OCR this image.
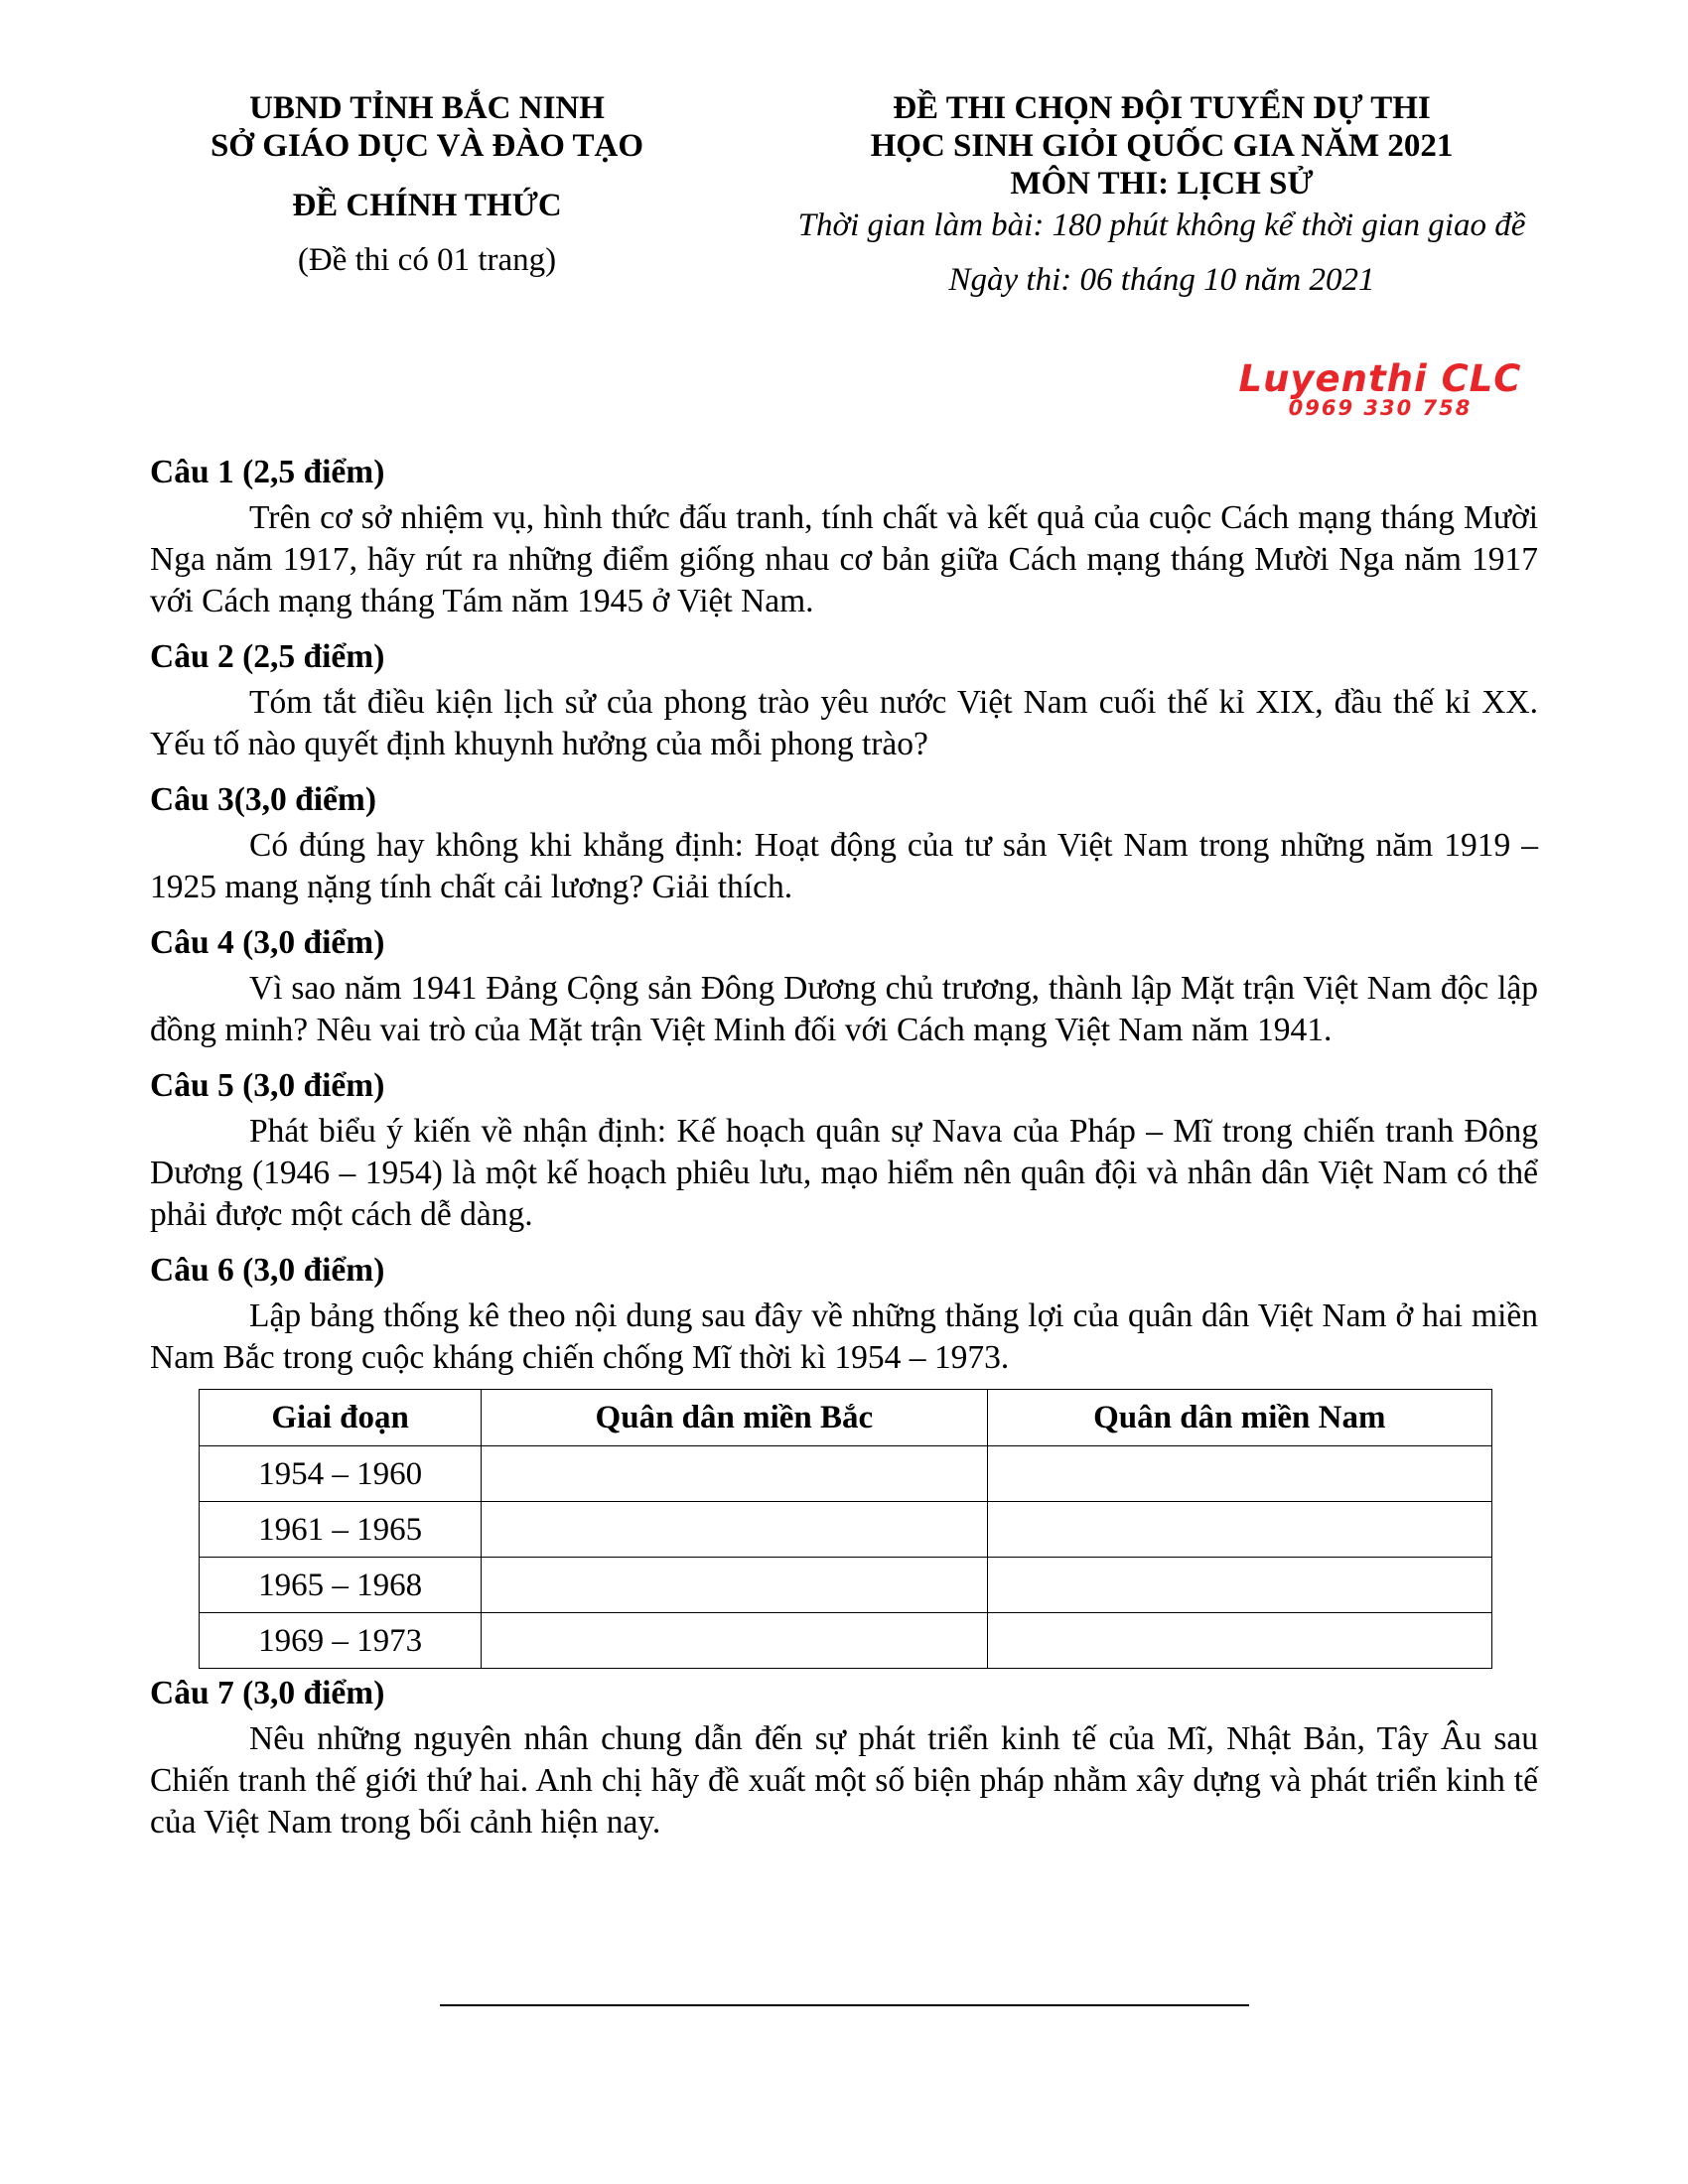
UBND TỈNH BẮC NINH
SỞ GIÁO DỤC VÀ ĐÀO TẠO
ĐỀ CHÍNH THỨC
(Đề thi có 01 trang)
ĐỀ THI CHỌN ĐỘI TUYỂN DỰ THI
HỌC SINH GIỎI QUỐC GIA NĂM 2021
MÔN THI: LỊCH SỬ
Thời gian làm bài: 180 phút không kể thời gian giao đề
Ngày thi: 06 tháng 10 năm 2021
Luyenthi CLC
0969 330 758
Câu 1 (2,5 điểm)
Trên cơ sở nhiệm vụ, hình thức đấu tranh, tính chất và kết quả của cuộc Cách mạng tháng Mười Nga năm 1917, hãy rút ra những điểm giống nhau cơ bản giữa Cách mạng tháng Mười Nga năm 1917 với Cách mạng tháng Tám năm 1945 ở Việt Nam.
Câu 2 (2,5 điểm)
Tóm tắt điều kiện lịch sử của phong trào yêu nước Việt Nam cuối thế kỉ XIX, đầu thế kỉ XX. Yếu tố nào quyết định khuynh hưởng của mỗi phong trào?
Câu 3(3,0 điểm)
Có đúng hay không khi khẳng định: Hoạt động của tư sản Việt Nam trong những năm 1919 – 1925 mang nặng tính chất cải lương? Giải thích.
Câu 4 (3,0 điểm)
Vì sao năm 1941 Đảng Cộng sản Đông Dương chủ trương, thành lập Mặt trận Việt Nam độc lập đồng minh? Nêu vai trò của Mặt trận Việt Minh đối với Cách mạng Việt Nam năm 1941.
Câu 5 (3,0 điểm)
Phát biểu ý kiến về nhận định: Kế hoạch quân sự Nava của Pháp – Mĩ trong chiến tranh Đông Dương (1946 – 1954) là một kế hoạch phiêu lưu, mạo hiểm nên quân đội và nhân dân Việt Nam có thể phải được một cách dễ dàng.
Câu 6 (3,0 điểm)
Lập bảng thống kê theo nội dung sau đây về những thăng lợi của quân dân Việt Nam ở hai miền Nam Bắc trong cuộc kháng chiến chống Mĩ thời kì 1954 – 1973.
Giai đoạn	Quân dân miền Bắc	Quân dân miền Nam
1954 – 1960		
1961 – 1965		
1965 – 1968		
1969 – 1973		
Câu 7 (3,0 điểm)
Nêu những nguyên nhân chung dẫn đến sự phát triển kinh tế của Mĩ, Nhật Bản, Tây Âu sau Chiến tranh thế giới thứ hai. Anh chị hãy đề xuất một số biện pháp nhằm xây dựng và phát triển kinh tế của Việt Nam trong bối cảnh hiện nay.
